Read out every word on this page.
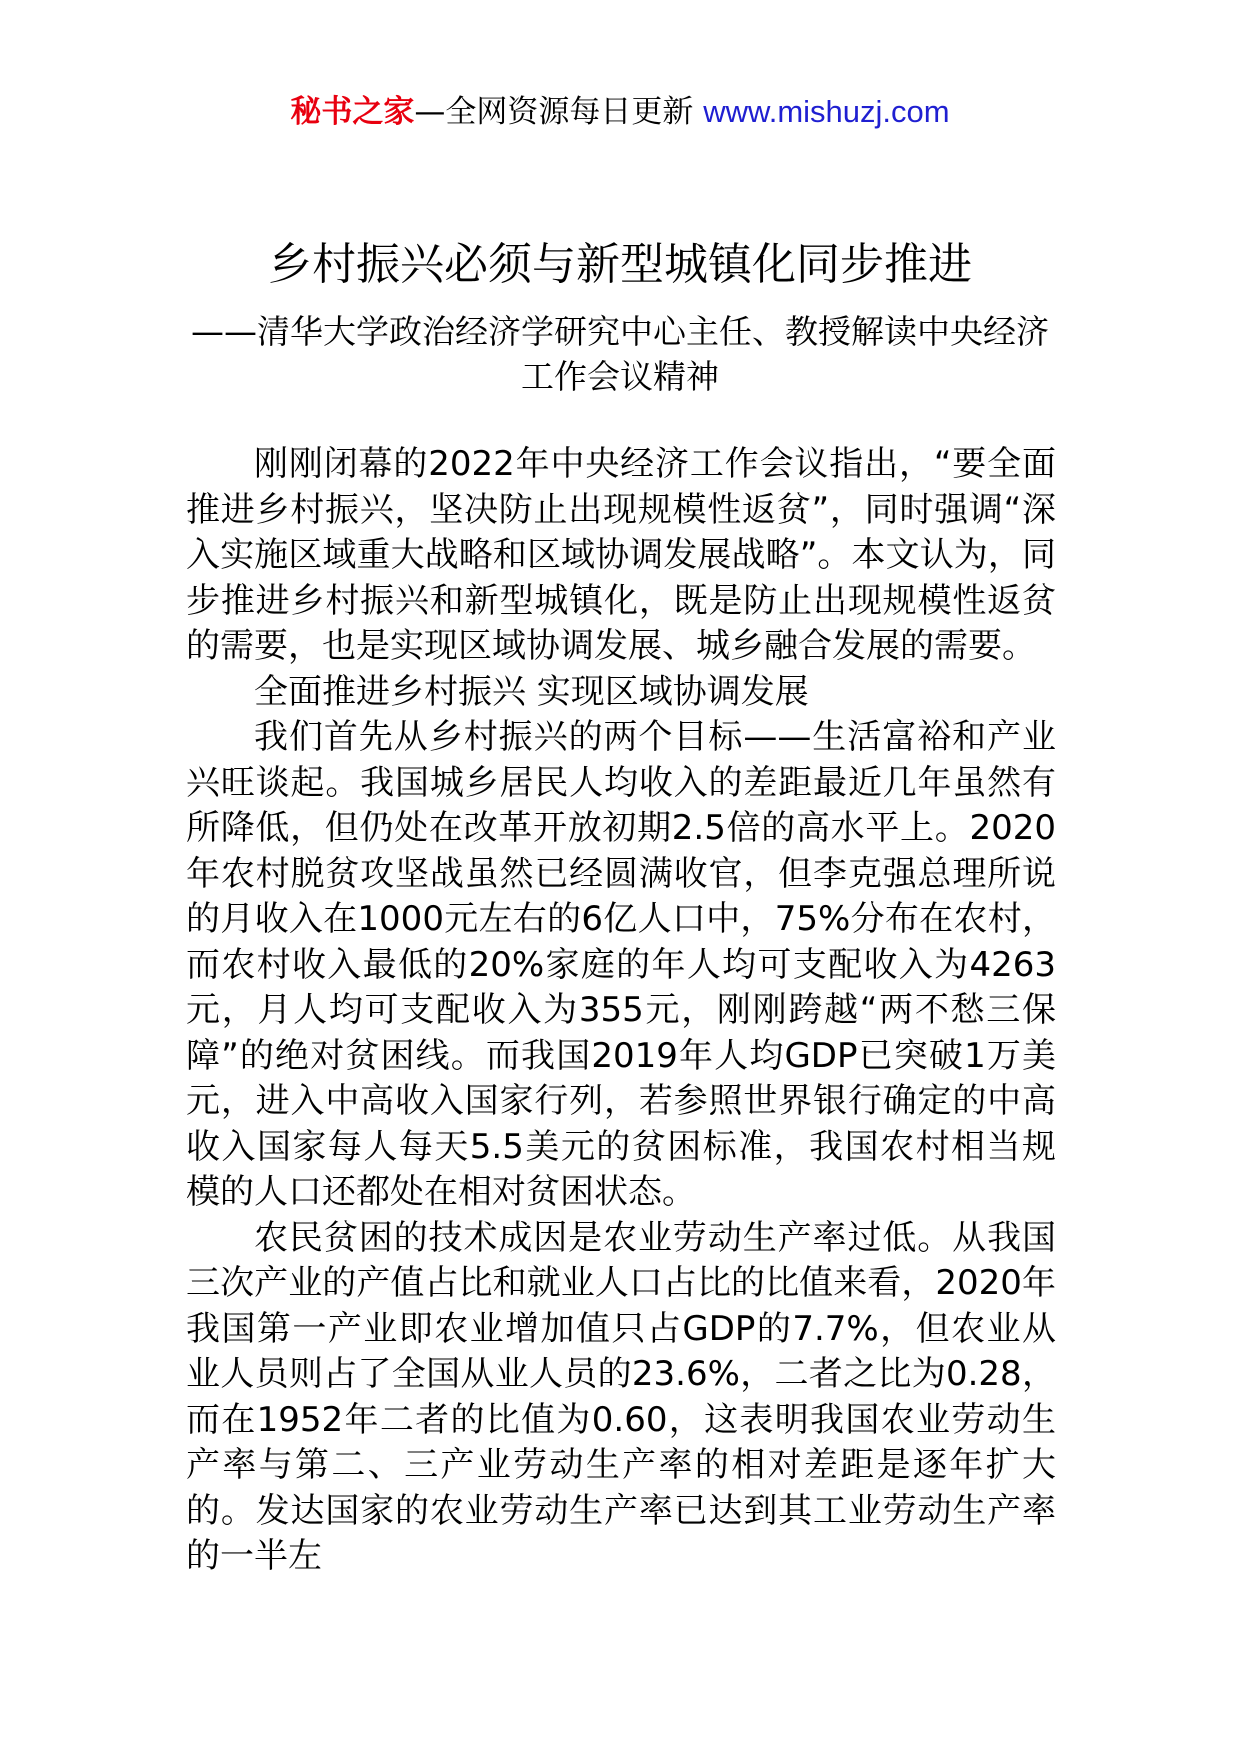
秘书之家—全网资源每日更新 www.mishuzj.com
乡村振兴必须与新型城镇化同步推进
——清华大学政治经济学研究中心主任、教授解读中央经济工作会议精神

刚刚闭幕的2022年中央经济工作会议指出，“要全面推进乡村振兴，坚决防止出现规模性返贫”，同时强调“深入实施区域重大战略和区域协调发展战略”。本文认为，同步推进乡村振兴和新型城镇化，既是防止出现规模性返贫的需要，也是实现区域协调发展、城乡融合发展的需要。

全面推进乡村振兴 实现区域协调发展

我们首先从乡村振兴的两个目标——生活富裕和产业兴旺谈起。我国城乡居民人均收入的差距最近几年虽然有所降低，但仍处在改革开放初期2.5倍的高水平上。2020年农村脱贫攻坚战虽然已经圆满收官，但李克强总理所说的月收入在1000元左右的6亿人口中，75%分布在农村，而农村收入最低的20%家庭的年人均可支配收入为4263元，月人均可支配收入为355元，刚刚跨越“两不愁三保障”的绝对贫困线。而我国2019年人均GDP已突破1万美元，进入中高收入国家行列，若参照世界银行确定的中高收入国家每人每天5.5美元的贫困标准，我国农村相当规模的人口还都处在相对贫困状态。

农民贫困的技术成因是农业劳动生产率过低。从我国三次产业的产值占比和就业人口占比的比值来看，2020年我国第一产业即农业增加值只占GDP的7.7%，但农业从业人员则占了全国从业人员的23.6%，二者之比为0.28，而在1952年二者的比值为0.60，这表明我国农业劳动生产率与第二、三产业劳动生产率的相对差距是逐年扩大的。发达国家的农业劳动生产率已达到其工业劳动生产率的一半左
